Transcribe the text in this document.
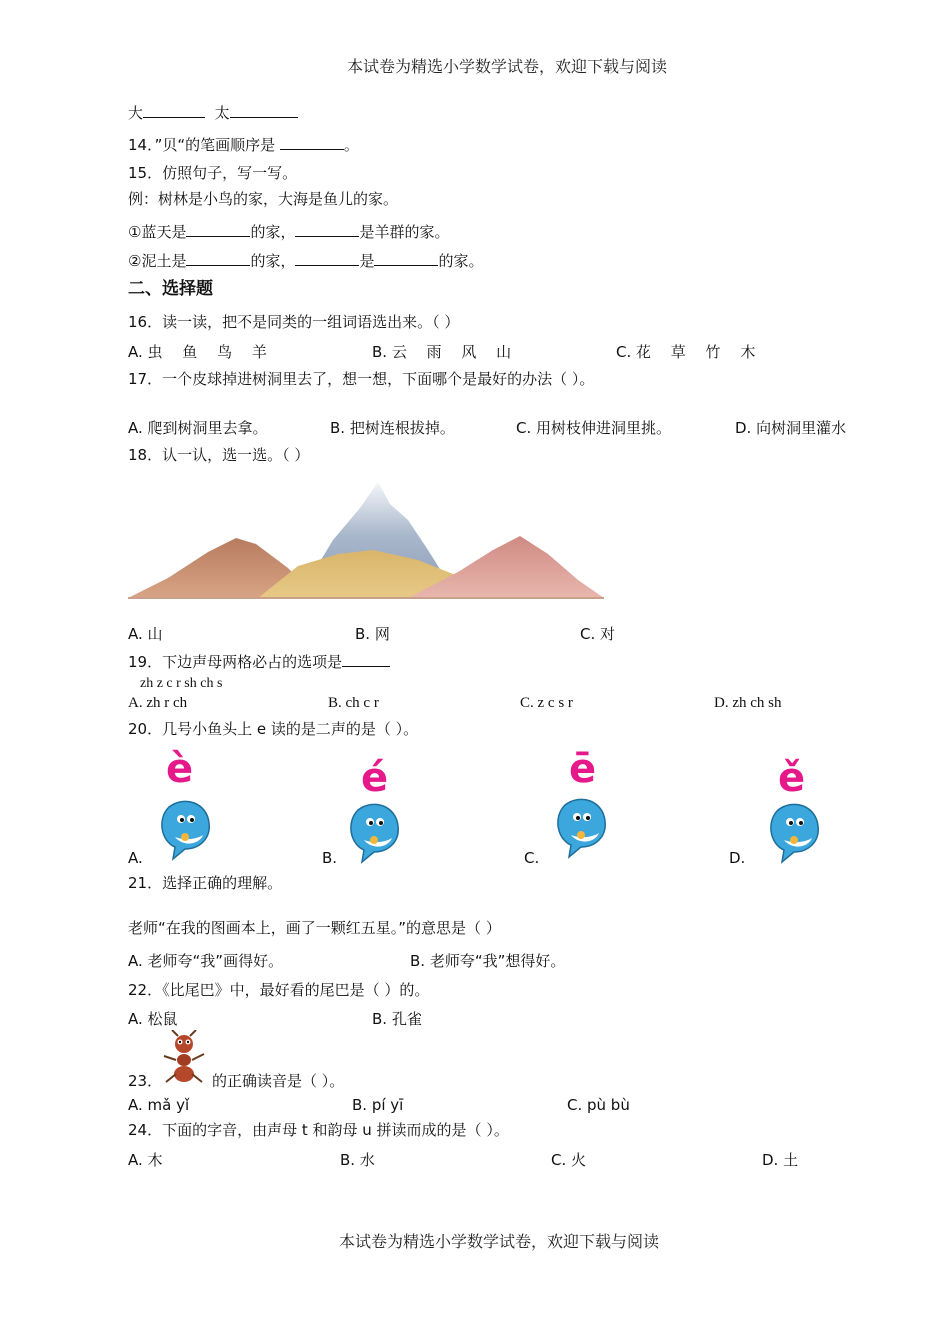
本试卷为精选小学数学试卷，欢迎下载与阅读
本试卷为精选小学数学试卷，欢迎下载与阅读
大	太
14．”贝“的笔画顺序是	。
15．仿照句子，写一写。
例：树林是小鸟的家，大海是鱼儿的家。
①蓝天是	的家，	是羊群的家。
②泥土是	的家，	是	的家。
二、选择题
16．读一读，把不是同类的一组词语选出来。（ ）
A. 虫　 鱼　 鸟　 羊	B. 云　 雨　 风　 山	C. 花　 草　 竹　 木
17．一个皮球掉进树洞里去了，想一想，下面哪个是最好的办法（ ）。
A. 爬到树洞里去拿。	B. 把树连根拔掉。	C. 用树枝伸进洞里挑。	D. 向树洞里灌水
18．认一认，选一选。（ ）
A. 山	B. 网	C. 对
19．下边声母两格必占的选项是
zh z c r sh ch s
A. zh r ch	B. ch c r	C. z c s r	D. zh ch sh
20．几号小鱼头上 e 读的是二声的是（ ）。
è
A.
é
B.
ē
C.
ě
D.
21．选择正确的理解。
老师“在我的图画本上，画了一颗红五星。”的意思是（ ）
A. 老师夸“我”画得好。	B. 老师夸“我”想得好。
22．《比尾巴》中，最好看的尾巴是（ ）的。
A. 松鼠	B. 孔雀
23．	的正确读音是（ ）。
A. mǎ yǐ	B. pí yī	C. pù bù
24．下面的字音，由声母 t 和韵母 u 拼读而成的是（ ）。
A. 木	B. 水	C. 火	D. 土
